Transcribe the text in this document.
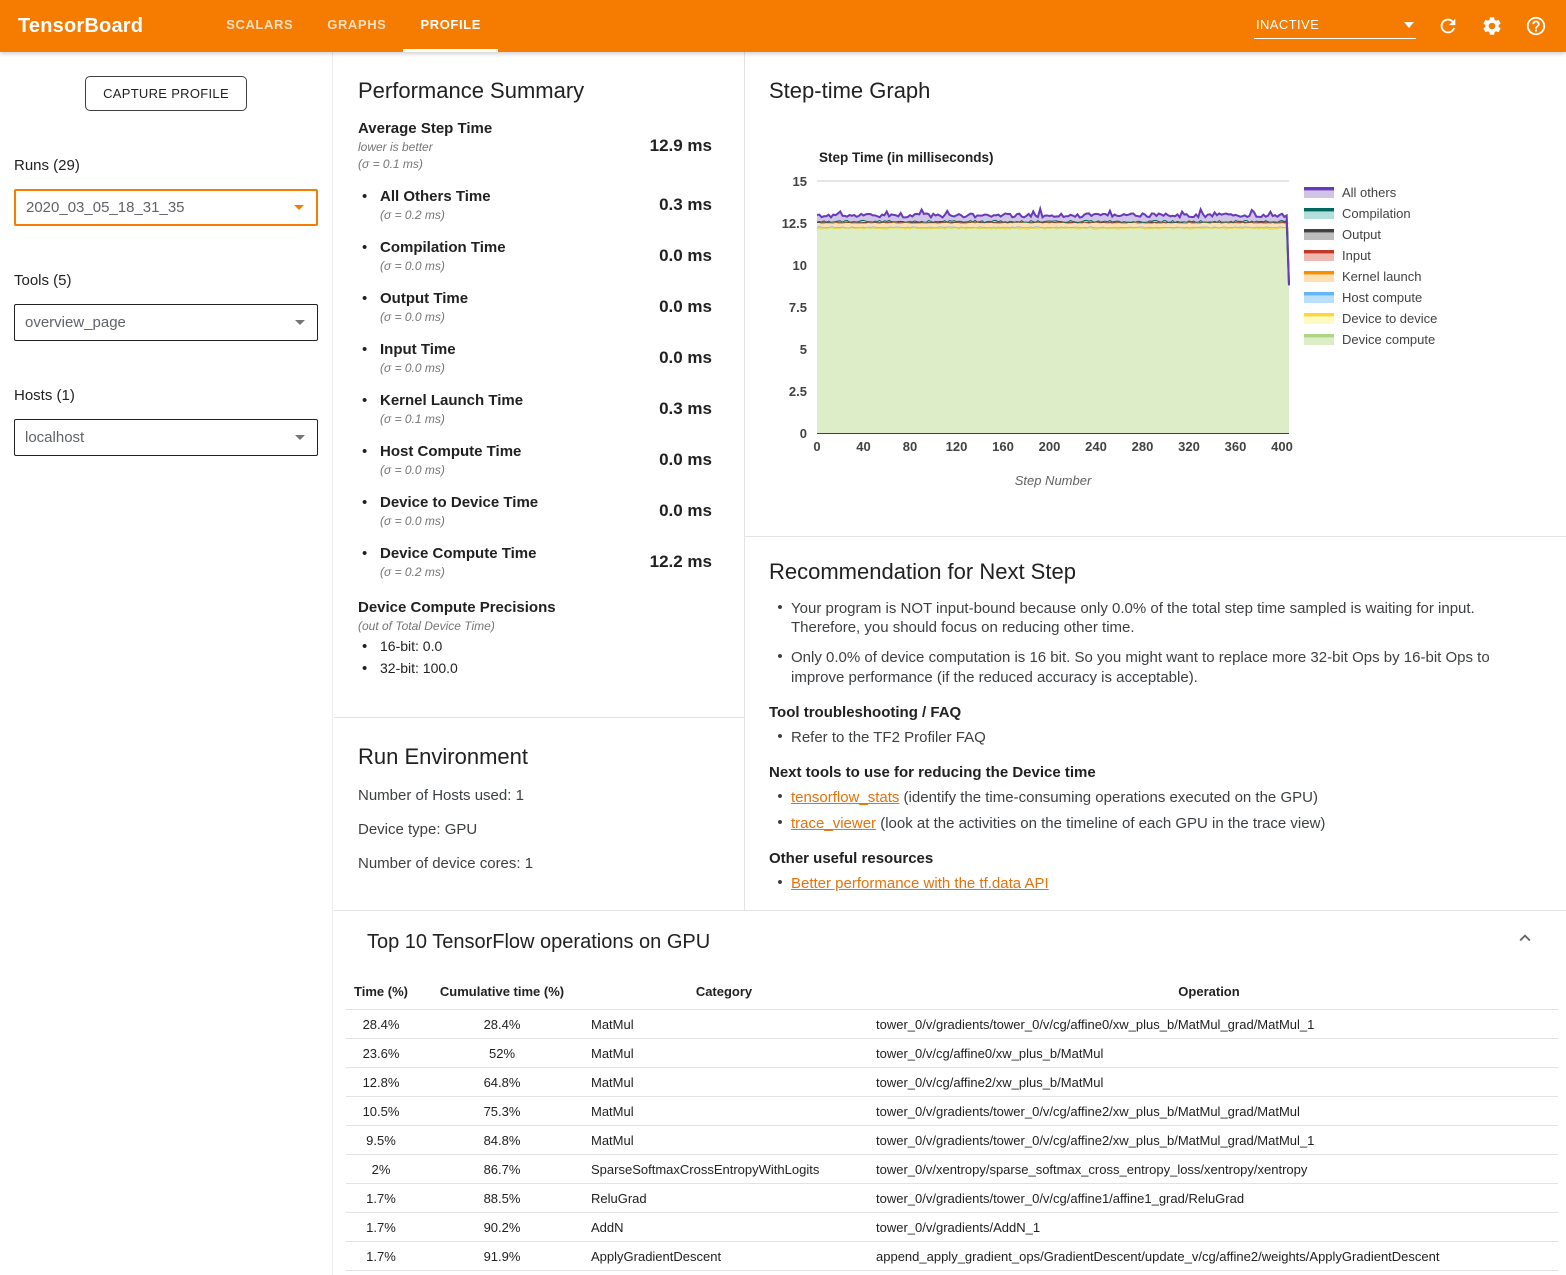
TensorBoard	SCALARS	GRAPHS	PROFILE	INACTIVE
CAPTURE PROFILE
Runs (29)
2020_03_05_18_31_35
Tools (5)
overview_page
Hosts (1)
localhost
Performance Summary
Average Step Time
lower is better
(σ = 0.1 ms)
12.9 ms
• All Others Time
(σ = 0.2 ms)
0.3 ms
• Compilation Time
(σ = 0.0 ms)
0.0 ms
• Output Time
(σ = 0.0 ms)
0.0 ms
• Input Time
(σ = 0.0 ms)
0.0 ms
• Kernel Launch Time
(σ = 0.1 ms)
0.3 ms
• Host Compute Time
(σ = 0.0 ms)
0.0 ms
• Device to Device Time
(σ = 0.0 ms)
0.0 ms
• Device Compute Time
(σ = 0.2 ms)
12.2 ms
Device Compute Precisions
(out of Total Device Time)
• 16-bit: 0.0
• 32-bit: 100.0
Run Environment

Number of Hosts used: 1

Device type: GPU

Number of device cores: 1

Step-time Graph
0
2.5
5
7.5
10
12.5
15
0	40 80 120 160 200 240 280 320 360 400
Step Time (in milliseconds)
Step Number
All others
Compilation
Output
Input
Kernel launch
Host compute
Device to device
Device compute
Recommendation for Next Step
• Your program is NOT input-bound because only 0.0% of the total step time sampled is waiting for input. Therefore, you should focus on reducing other time.
• Only 0.0% of device computation is 16 bit. So you might want to replace more 32-bit Ops by 16-bit Ops to improve performance (if the reduced accuracy is acceptable).
Tool troubleshooting / FAQ
• Refer to the TF2 Profiler FAQ
Next tools to use for reducing the Device time
• tensorflow_stats (identify the time-consuming operations executed on the GPU)
• trace_viewer (look at the activities on the timeline of each GPU in the trace view)
Other useful resources
• Better performance with the tf.data API
Top 10 TensorFlow operations on GPU
Time (%)	Cumulative time (%)	Category	Operation
28.4%	28.4%	MatMul	tower_0/v/gradients/tower_0/v/cg/affine0/xw_plus_b/MatMul_grad/MatMul_1
23.6%	52%	MatMul	tower_0/v/cg/affine0/xw_plus_b/MatMul
12.8%	64.8%	MatMul	tower_0/v/cg/affine2/xw_plus_b/MatMul
10.5%	75.3%	MatMul	tower_0/v/gradients/tower_0/v/cg/affine2/xw_plus_b/MatMul_grad/MatMul
9.5%	84.8%	MatMul	tower_0/v/gradients/tower_0/v/cg/affine2/xw_plus_b/MatMul_grad/MatMul_1
2%	86.7%	SparseSoftmaxCrossEntropyWithLogits	tower_0/v/xentropy/sparse_softmax_cross_entropy_loss/xentropy/xentropy
1.7%	88.5%	ReluGrad	tower_0/v/gradients/tower_0/v/cg/affine1/affine1_grad/ReluGrad
1.7%	90.2%	AddN	tower_0/v/gradients/AddN_1
1.7%	91.9%	ApplyGradientDescent	append_apply_gradient_ops/GradientDescent/update_v/cg/affine2/weights/ApplyGradientDescent
